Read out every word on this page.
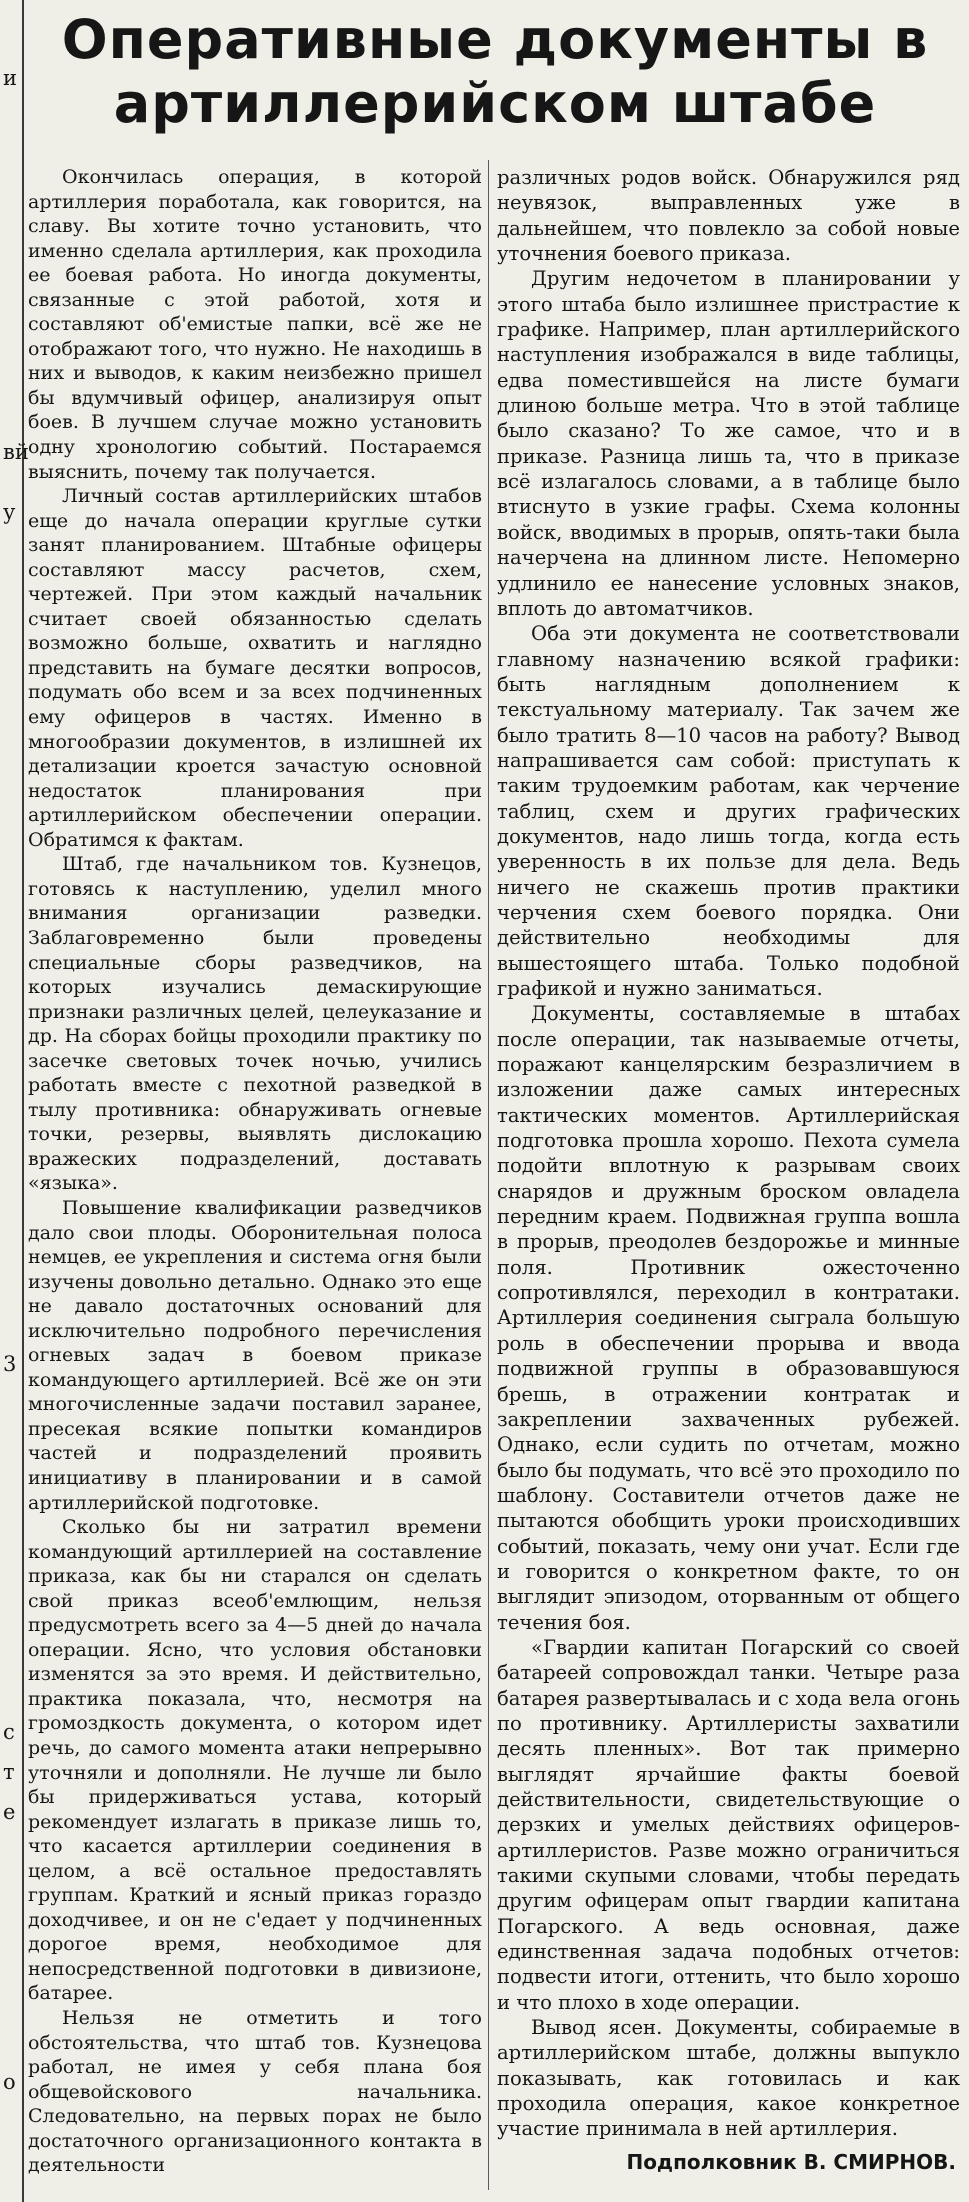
и
вй
у
3
с
т
е
о
Оперативные документы в
артиллерийском штабе

Окончилась операция, в которой артиллерия поработала, как говорится, на славу. Вы хотите точно установить, что именно сделала артиллерия, как проходила ее боевая работа. Но иногда документы, связанные с этой работой, хотя и составляют об'емистые папки, всё же не отображают того, что нужно. Не находишь в них и выводов, к каким неизбежно пришел бы вдумчивый офицер, анализируя опыт боев. В лучшем случае можно установить одну хронологию событий. Постараемся выяснить, почему так получается.

Личный состав артиллерийских штабов еще до начала операции круглые сутки занят планированием. Штабные офицеры составляют массу расчетов, схем, чертежей. При этом каждый начальник считает своей обязанностью сделать возможно больше, охватить и наглядно представить на бумаге десятки вопросов, подумать обо всем и за всех подчиненных ему офицеров в частях. Именно в многообразии документов, в излишней их детализации кроется зачастую основной недостаток планирования при артиллерийском обеспечении операции. Обратимся к фактам.

Штаб, где начальником тов. Кузнецов, готовясь к наступлению, уделил много внимания организации разведки. Заблаговременно были проведены специальные сборы разведчиков, на которых изучались демаскирующие признаки различных целей, целеуказание и др. На сборах бойцы проходили практику по засечке световых точек ночью, учились работать вместе с пехотной разведкой в тылу противника: обнаруживать огневые точки, резервы, выявлять дислокацию вражеских подразделений, доставать «языка».

Повышение квалификации разведчиков дало свои плоды. Оборонительная полоса немцев, ее укрепления и система огня были изучены довольно детально. Однако это еще не давало достаточных оснований для исключительно подробного перечисления огневых задач в боевом приказе командующего артиллерией. Всё же он эти многочисленные задачи поставил заранее, пресекая всякие попытки командиров частей и подразделений проявить инициативу в планировании и в самой артиллерийской подготовке.

Сколько бы ни затратил времени командующий артиллерией на составление приказа, как бы ни старался он сделать свой приказ всеоб'емлющим, нельзя предусмотреть всего за 4—5 дней до начала операции. Ясно, что условия обстановки изменятся за это время. И действительно, практика показала, что, несмотря на громоздкость документа, о котором идет речь, до самого момента атаки непрерывно уточняли и дополняли. Не лучше ли было бы придерживаться устава, который рекомендует излагать в приказе лишь то, что касается артиллерии соединения в целом, а всё остальное предоставлять группам. Краткий и ясный приказ гораздо доходчивее, и он не с'едает у подчиненных дорогое время, необходимое для непосредственной подготовки в дивизионе, батарее.

Нельзя не отметить и того обстоятельства, что штаб тов. Кузнецова работал, не имея у себя плана боя общевойскового начальника. Следовательно, на первых порах не было достаточного организационного контакта в деятельности

различных родов войск. Обнаружился ряд неувязок, выправленных уже в дальнейшем, что повлекло за собой новые уточнения боевого приказа.

Другим недочетом в планировании у этого штаба было излишнее пристрастие к графике. Например, план артиллерийского наступления изображался в виде таблицы, едва поместившейся на листе бумаги длиною больше метра. Что в этой таблице было сказано? То же самое, что и в приказе. Разница лишь та, что в приказе всё излагалось словами, а в таблице было втиснуто в узкие графы. Схема колонны войск, вводимых в прорыв, опять-таки была начерчена на длинном листе. Непомерно удлинило ее нанесение условных знаков, вплоть до автоматчиков.

Оба эти документа не соответствовали главному назначению всякой графики: быть наглядным дополнением к текстуальному материалу. Так зачем же было тратить 8—10 часов на работу? Вывод напрашивается сам собой: приступать к таким трудоемким работам, как черчение таблиц, схем и других графических документов, надо лишь тогда, когда есть уверенность в их пользе для дела. Ведь ничего не скажешь против практики черчения схем боевого порядка. Они действительно необходимы для вышестоящего штаба. Только подобной графикой и нужно заниматься.

Документы, составляемые в штабах после операции, так называемые отчеты, поражают канцелярским безразличием в изложении даже самых интересных тактических моментов. Артиллерийская подготовка прошла хорошо. Пехота сумела подойти вплотную к разрывам своих снарядов и дружным броском овладела передним краем. Подвижная группа вошла в прорыв, преодолев бездорожье и минные поля. Противник ожесточенно сопротивлялся, переходил в контратаки. Артиллерия соединения сыграла большую роль в обеспечении прорыва и ввода подвижной группы в образовавшуюся брешь, в отражении контратак и закреплении захваченных рубежей. Однако, если судить по отчетам, можно было бы подумать, что всё это проходило по шаблону. Составители отчетов даже не пытаются обобщить уроки происходивших событий, показать, чему они учат. Если где и говорится о конкретном факте, то он выглядит эпизодом, оторванным от общего течения боя.

«Гвардии капитан Погарский со своей батареей сопровождал танки. Четыре раза батарея развертывалась и с хода вела огонь по противнику. Артиллеристы захватили десять пленных». Вот так примерно выглядят ярчайшие факты боевой действительности, свидетельствующие о дерзких и умелых действиях офицеров-артиллеристов. Разве можно ограничиться такими скупыми словами, чтобы передать другим офицерам опыт гвардии капитана Погарского. А ведь основная, даже единственная задача подобных отчетов: подвести итоги, оттенить, что было хорошо и что плохо в ходе операции.

Вывод ясен. Документы, собираемые в артиллерийском штабе, должны выпукло показывать, как готовилась и как проходила операция, какое конкретное участие принимала в ней артиллерия.

Подполковник В. СМИРНОВ.
